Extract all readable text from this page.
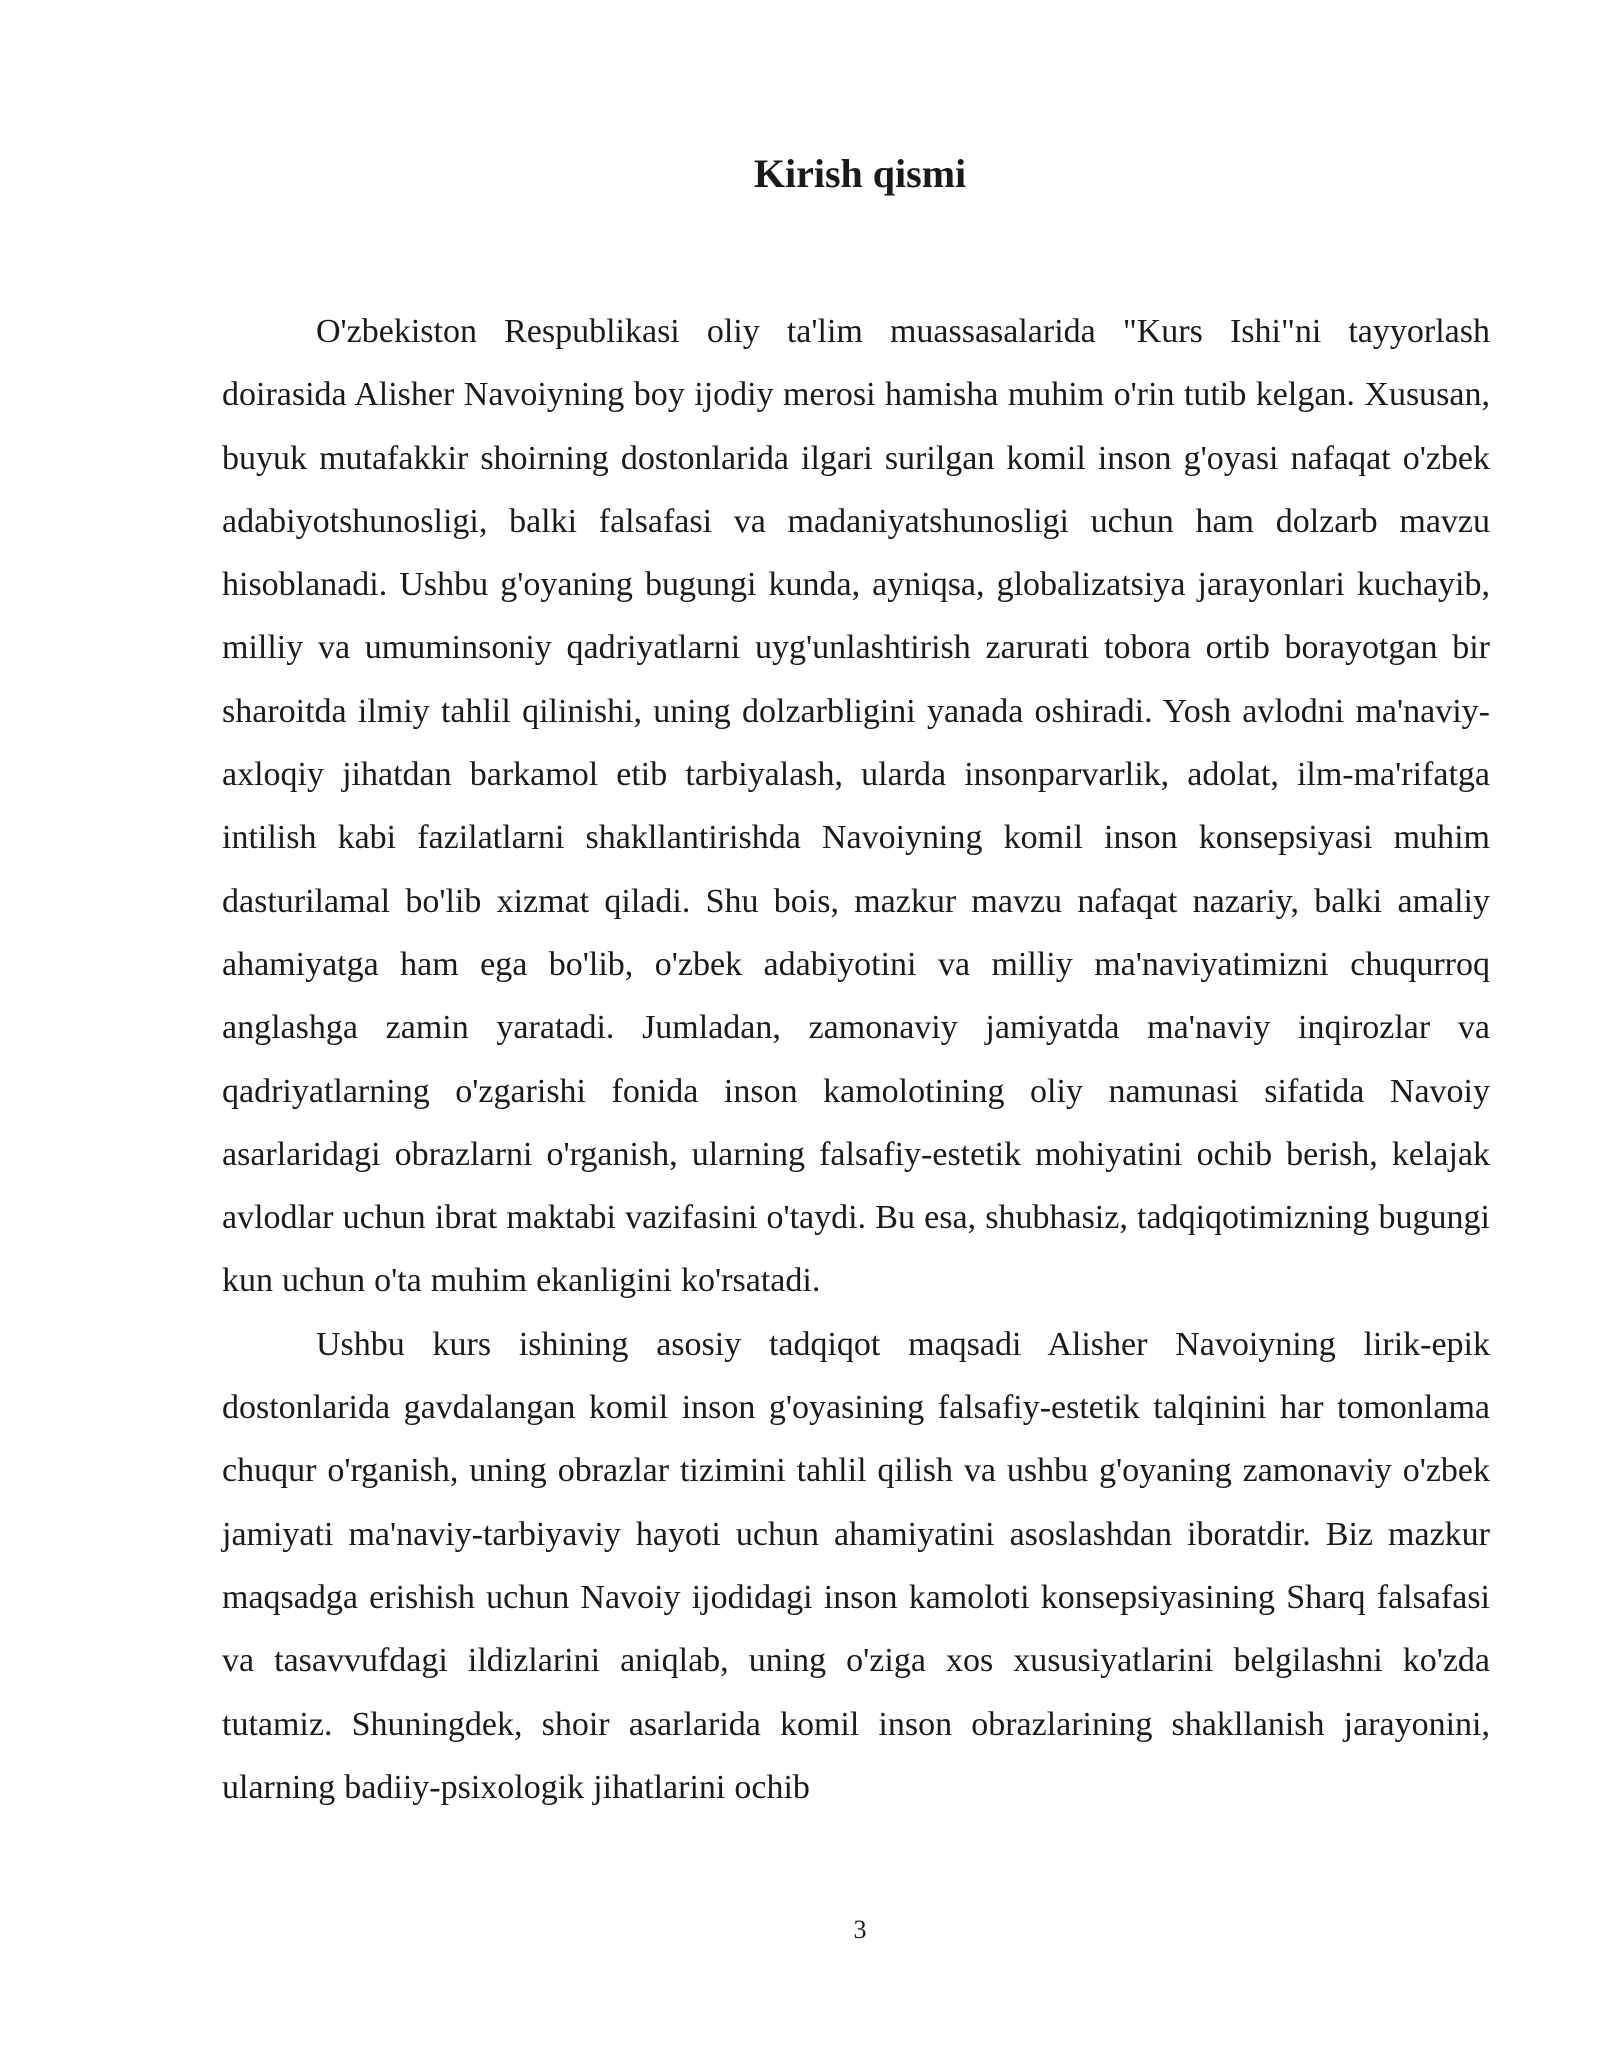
Kirish qismi

O'zbekiston Respublikasi oliy ta'lim muassasalarida "Kurs Ishi"ni tayyorlash doirasida Alisher Navoiyning boy ijodiy merosi hamisha muhim o'rin tutib kelgan. Xususan, buyuk mutafakkir shoirning dostonlarida ilgari surilgan komil inson g'oyasi nafaqat o'zbek adabiyotshunosligi, balki falsafasi va madaniyatshunosligi uchun ham dolzarb mavzu hisoblanadi. Ushbu g'oyaning bugungi kunda, ayniqsa, globalizatsiya jarayonlari kuchayib, milliy va umuminsoniy qadriyatlarni uyg'unlashtirish zarurati tobora ortib borayotgan bir sharoitda ilmiy tahlil qilinishi, uning dolzarbligini yanada oshiradi. Yosh avlodni ma'naviy-axloqiy jihatdan barkamol etib tarbiyalash, ularda insonparvarlik, adolat, ilm-ma'rifatga intilish kabi fazilatlarni shakllantirishda Navoiyning komil inson konsepsiyasi muhim dasturilamal bo'lib xizmat qiladi. Shu bois, mazkur mavzu nafaqat nazariy, balki amaliy ahamiyatga ham ega bo'lib, o'zbek adabiyotini va milliy ma'naviyatimizni chuqurroq anglashga zamin yaratadi. Jumladan, zamonaviy jamiyatda ma'naviy inqirozlar va qadriyatlarning o'zgarishi fonida inson kamolotining oliy namunasi sifatida Navoiy asarlaridagi obrazlarni o'rganish, ularning falsafiy-estetik mohiyatini ochib berish, kelajak avlodlar uchun ibrat maktabi vazifasini o'taydi. Bu esa, shubhasiz, tadqiqotimizning bugungi kun uchun o'ta muhim ekanligini ko'rsatadi.

Ushbu kurs ishining asosiy tadqiqot maqsadi Alisher Navoiyning lirik-epik dostonlarida gavdalangan komil inson g'oyasining falsafiy-estetik talqinini har tomonlama chuqur o'rganish, uning obrazlar tizimini tahlil qilish va ushbu g'oyaning zamonaviy o'zbek jamiyati ma'naviy-tarbiyaviy hayoti uchun ahamiyatini asoslashdan iboratdir. Biz mazkur maqsadga erishish uchun Navoiy ijodidagi inson kamoloti konsepsiyasining Sharq falsafasi va tasavvufdagi ildizlarini aniqlab, uning o'ziga xos xususiyatlarini belgilashni ko'zda tutamiz. Shuningdek, shoir asarlarida komil inson obrazlarining shakllanish jarayonini, ularning badiiy-psixologik jihatlarini ochib

3
